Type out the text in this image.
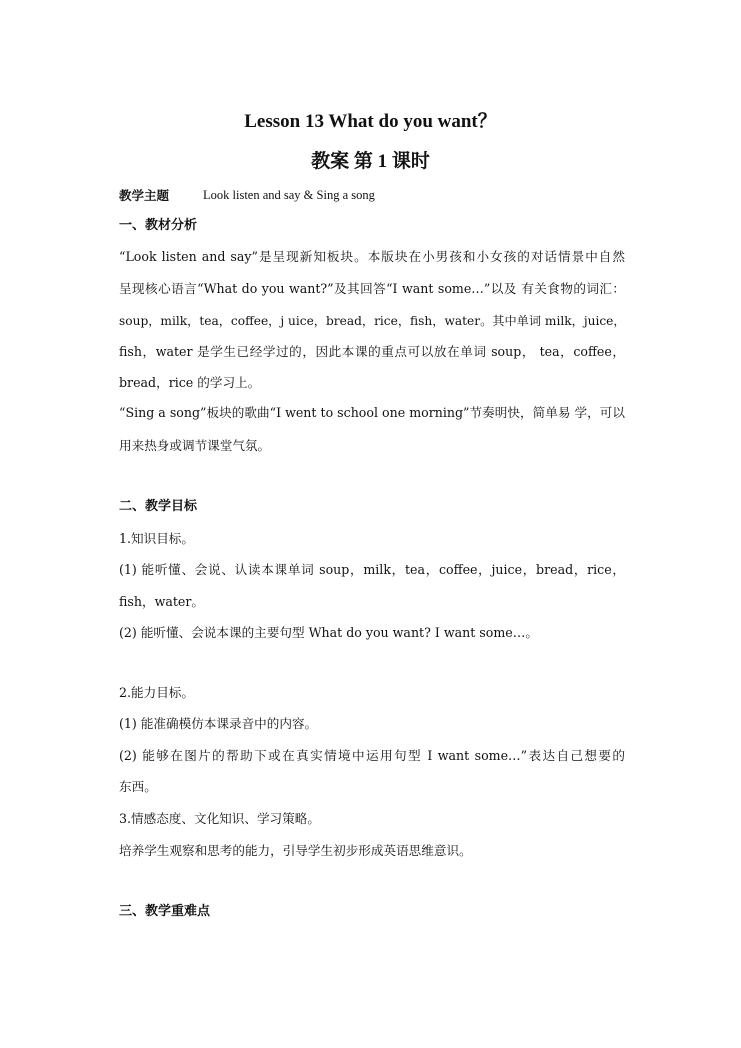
Lesson 13 What do you want？
教案 第 1 课时
教学主题	Look listen and say & Sing a song
一、教材分析
“Look listen and say”是呈现新知板块。本版块在小男孩和小女孩的对话情景中自然
呈现核心语言“What do you want?”及其回答“I want some…”以及 有关食物的词汇：
soup，milk，tea，coffee，j uice，bread，rice，fish，water。其中单词 milk，juice，
fish，water 是学生已经学过的，因此本课的重点可以放在单词 soup， tea，coffee，
bread，rice 的学习上。
“Sing a song”板块的歌曲“I went to school one morning”节奏明快，简单易 学，可以
用来热身或调节课堂气氛。
二、教学目标
1.知识目标。
(1) 能听懂、会说、认读本课单词 soup，milk，tea，coffee，juice，bread，rice，
fish，water。
(2) 能听懂、会说本课的主要句型 What do you want? I want some…。
2.能力目标。
(1) 能准确模仿本课录音中的内容。
(2) 能够在图片的帮助下或在真实情境中运用句型 I want some…”表达自己想要的
东西。
3.情感态度、文化知识、学习策略。
培养学生观察和思考的能力，引导学生初步形成英语思维意识。
三、教学重难点
